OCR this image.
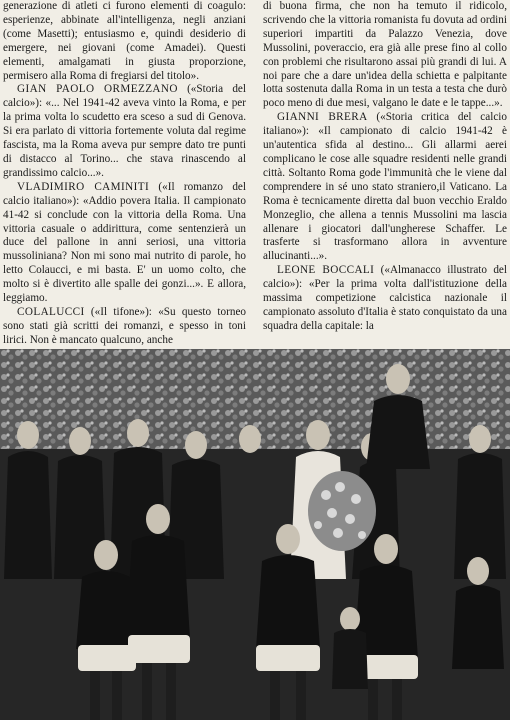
generazione di atleti ci furono elementi di coagulo: esperienze, abbinate all'intelligenza, negli anziani (come Masetti); entusiasmo e, quindi desiderio di emergere, nei giovani (come Amadei). Questi elementi, amalgamati in giusta proporzione, permisero alla Roma di fregiarsi del titolo».

GIAN PAOLO ORMEZZANO («Storia del calcio»): «... Nel 1941-42 aveva vinto la Roma, e per la prima volta lo scudetto era sceso a sud di Genova. Si era parlato di vittoria fortemente voluta dal regime fascista, ma la Roma aveva pur sempre dato tre punti di distacco al Torino... che stava rinascendo al grandissimo calcio...».

VLADIMIRO CAMINITI («Il romanzo del calcio italiano»): «Addio povera Italia. Il campionato 41-42 si conclude con la vittoria della Roma. Una vittoria casuale o addirittura, come sentenzierà un duce del pallone in anni seriosi, una vittoria mussoliniana? Non mi sono mai nutrito di parole, ho letto Colaucci, e mi basta. E' un uomo colto, che molto si è divertito alle spalle dei gonzi...». E allora, leggiamo.

COLALUCCI («Il tifone»): «Su questo torneo sono stati già scritti dei romanzi, e spesso in toni lirici. Non è mancato qualcuno, anche

di buona firma, che non ha temuto il ridicolo, scrivendo che la vittoria romanista fu dovuta ad ordini superiori impartiti da Palazzo Venezia, dove Mussolini, poveraccio, era già alle prese fino al collo con problemi che risultarono assai più grandi di lui. A noi pare che a dare un'idea della schietta e palpitante lotta sostenuta dalla Roma in un testa a testa che durò poco meno di due mesi, valgano le date e le tappe...».

GIANNI BRERA («Storia critica del calcio italiano»): «Il campionato di calcio 1941-42 è un'autentica sfida al destino... Gli allarmi aerei complicano le cose alle squadre residenti nelle grandi città. Soltanto Roma gode l'immunità che le viene dal comprendere in sé uno stato straniero,il Vaticano. La Roma è tecnicamente diretta dal buon vecchio Eraldo Monzeglio, che allena a tennis Mussolini ma lascia allenare i giocatori dall'ungherese Schaffer. Le trasferte si trasformano allora in avventure allucinanti...».

LEONE BOCCALI («Almanacco illustrato del calcio»): «Per la prima volta dall'istituzione della massima competizione calcistica nazionale il campionato assoluto d'Italia è stato conquistato da una squadra della capitale: la
